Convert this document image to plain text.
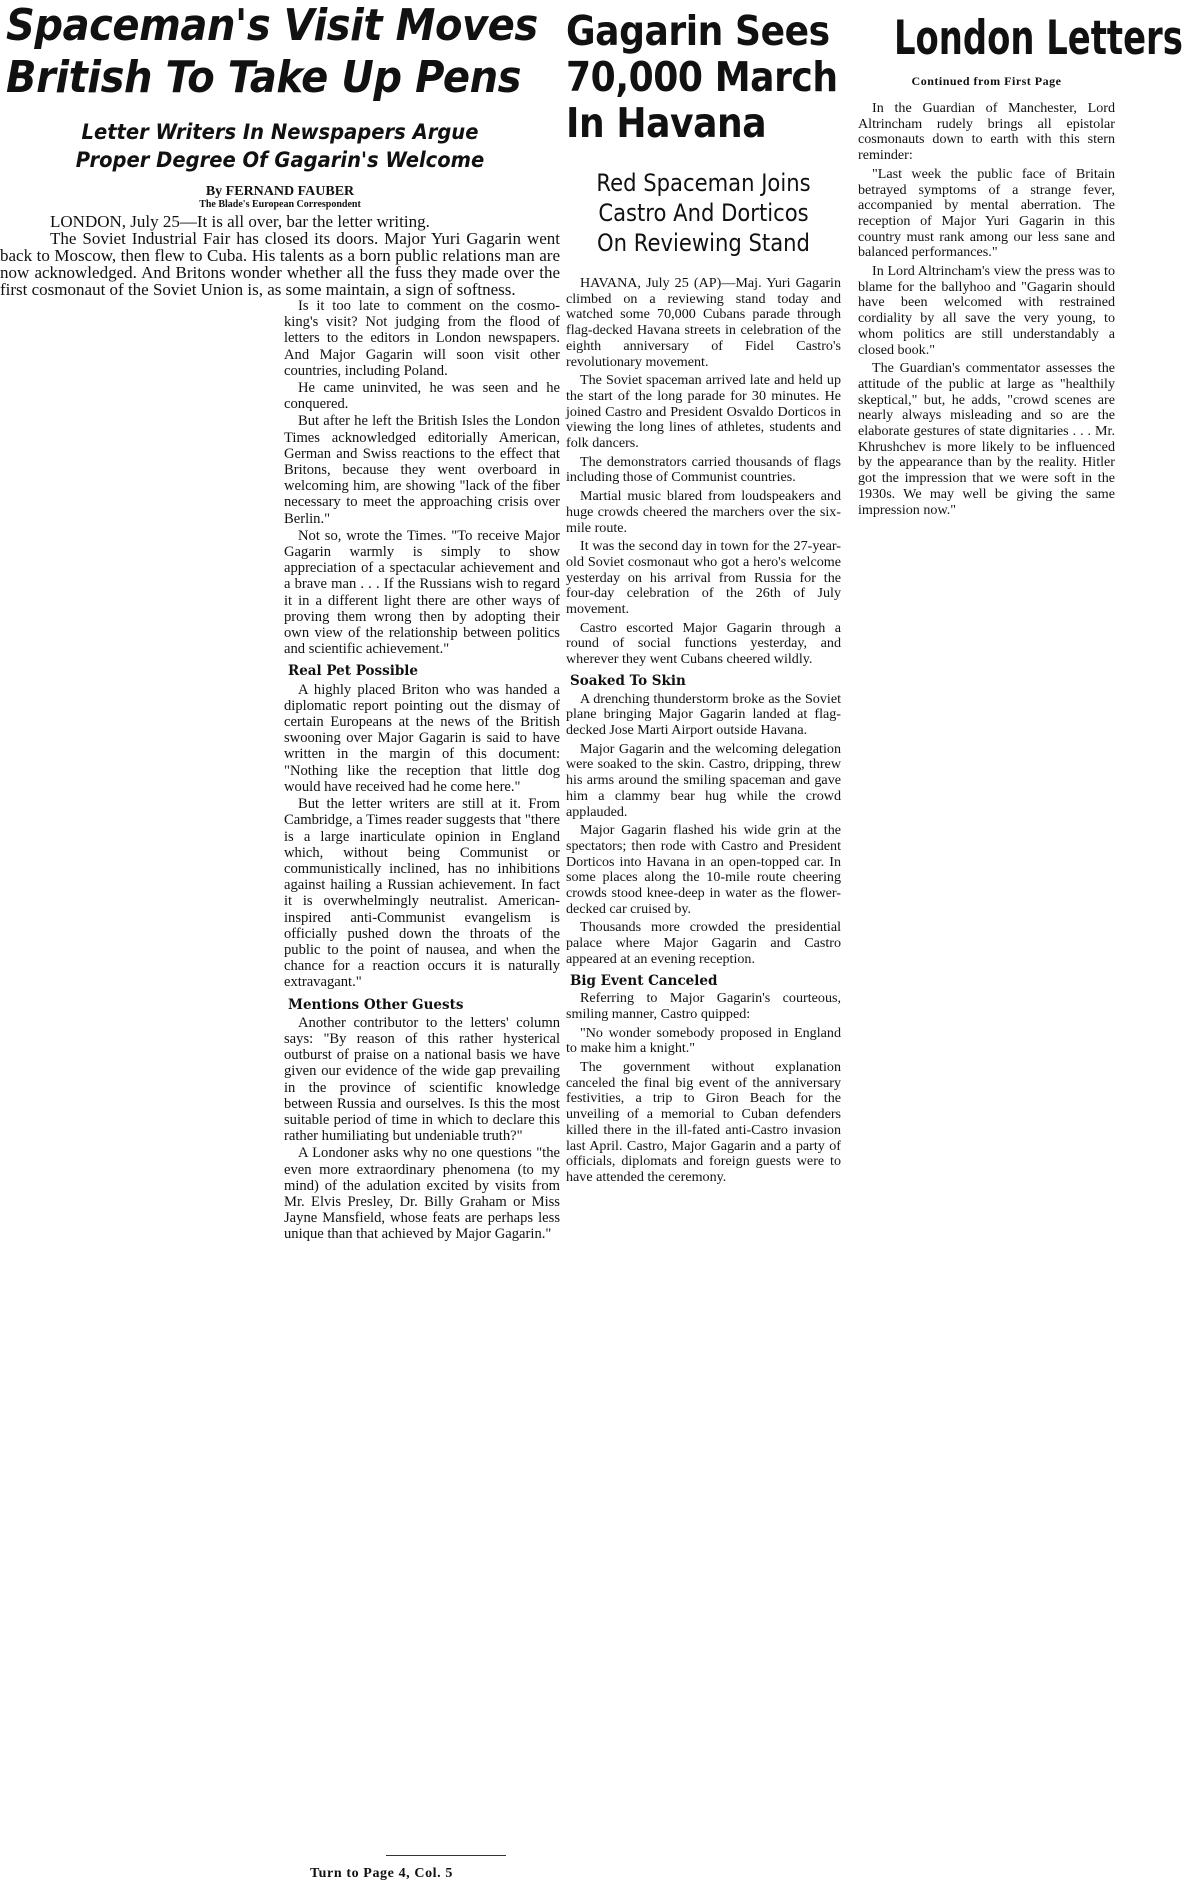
Spaceman's Visit Moves
British To Take Up Pens
Letter Writers In Newspapers Argue
Proper Degree Of Gagarin's Welcome
By FERNAND FAUBER
The Blade's European Correspondent

LONDON, July 25—It is all over, bar the letter writing.

The Soviet Industrial Fair has closed its doors. Major Yuri Gagarin went back to Moscow, then flew to Cuba. His talents as a born public relations man are now acknowledged. And Britons wonder whether all the fuss they made over the first cosmonaut of the Soviet Union is, as some maintain, a sign of softness.

Is it too late to comment on the cosmo-king's visit? Not judging from the flood of letters to the editors in London newspapers. And Major Gagarin will soon visit other countries, including Poland.

He came uninvited, he was seen and he conquered.

But after he left the British Isles the London Times acknowledged editorially American, German and Swiss reactions to the effect that Britons, because they went overboard in welcoming him, are showing "lack of the fiber necessary to meet the approaching crisis over Berlin."

Not so, wrote the Times. "To receive Major Gagarin warmly is simply to show appreciation of a spectacular achievement and a brave man . . . If the Russians wish to regard it in a different light there are other ways of proving them wrong then by adopting their own view of the relationship between politics and scientific achievement."

Real Pet Possible

A highly placed Briton who was handed a diplomatic report pointing out the dismay of certain Europeans at the news of the British swooning over Major Gagarin is said to have written in the margin of this document: "Nothing like the reception that little dog would have received had he come here."

But the letter writers are still at it. From Cambridge, a Times reader suggests that "there is a large inarticulate opinion in England which, without being Communist or communistically inclined, has no inhibitions against hailing a Russian achievement. In fact it is overwhelmingly neutralist. American-inspired anti-Communist evangelism is officially pushed down the throats of the public to the point of nausea, and when the chance for a reaction occurs it is naturally extravagant."

Mentions Other Guests

Another contributor to the letters' column says: "By reason of this rather hysterical outburst of praise on a national basis we have given our evidence of the wide gap prevailing in the province of scientific knowledge between Russia and ourselves. Is this the most suitable period of time in which to declare this rather humiliating but undeniable truth?"

A Londoner asks why no one questions "the even more extraordinary phenomena (to my mind) of the adulation excited by visits from Mr. Elvis Presley, Dr. Billy Graham or Miss Jayne Mansfield, whose feats are perhaps less unique than that achieved by Major Gagarin."

Turn to Page 4, Col. 5
Gagarin Sees
70,000 March
In Havana
Red Spaceman Joins
Castro And Dorticos
On Reviewing Stand

HAVANA, July 25 (AP)—Maj. Yuri Gagarin climbed on a reviewing stand today and watched some 70,000 Cubans parade through flag-decked Havana streets in celebration of the eighth anniversary of Fidel Castro's revolutionary movement.

The Soviet spaceman arrived late and held up the start of the long parade for 30 minutes. He joined Castro and President Osvaldo Dorticos in viewing the long lines of athletes, students and folk dancers.

The demonstrators carried thousands of flags including those of Communist countries.

Martial music blared from loudspeakers and huge crowds cheered the marchers over the six-mile route.

It was the second day in town for the 27-year-old Soviet cosmonaut who got a hero's welcome yesterday on his arrival from Russia for the four-day celebration of the 26th of July movement.

Castro escorted Major Gagarin through a round of social functions yesterday, and wherever they went Cubans cheered wildly.

Soaked To Skin

A drenching thunderstorm broke as the Soviet plane bringing Major Gagarin landed at flag-decked Jose Marti Airport outside Havana.

Major Gagarin and the welcoming delegation were soaked to the skin. Castro, dripping, threw his arms around the smiling spaceman and gave him a clammy bear hug while the crowd applauded.

Major Gagarin flashed his wide grin at the spectators; then rode with Castro and President Dorticos into Havana in an open-topped car. In some places along the 10-mile route cheering crowds stood knee-deep in water as the flower-decked car cruised by.

Thousands more crowded the presidential palace where Major Gagarin and Castro appeared at an evening reception.

Big Event Canceled

Referring to Major Gagarin's courteous, smiling manner, Castro quipped:

"No wonder somebody proposed in England to make him a knight."

The government without explanation canceled the final big event of the anniversary festivities, a trip to Giron Beach for the unveiling of a memorial to Cuban defenders killed there in the ill-fated anti-Castro invasion last April. Castro, Major Gagarin and a party of officials, diplomats and foreign guests were to have attended the ceremony.

London Letters
Continued from First Page

In the Guardian of Manchester, Lord Altrincham rudely brings all epistolar cosmonauts down to earth with this stern reminder:

"Last week the public face of Britain betrayed symptoms of a strange fever, accompanied by mental aberration. The reception of Major Yuri Gagarin in this country must rank among our less sane and balanced performances."

In Lord Altrincham's view the press was to blame for the ballyhoo and "Gagarin should have been welcomed with restrained cordiality by all save the very young, to whom politics are still understandably a closed book."

The Guardian's commentator assesses the attitude of the public at large as "healthily skeptical," but, he adds, "crowd scenes are nearly always misleading and so are the elaborate gestures of state dignitaries . . . Mr. Khrushchev is more likely to be influenced by the appearance than by the reality. Hitler got the impression that we were soft in the 1930s. We may well be giving the same impression now."
